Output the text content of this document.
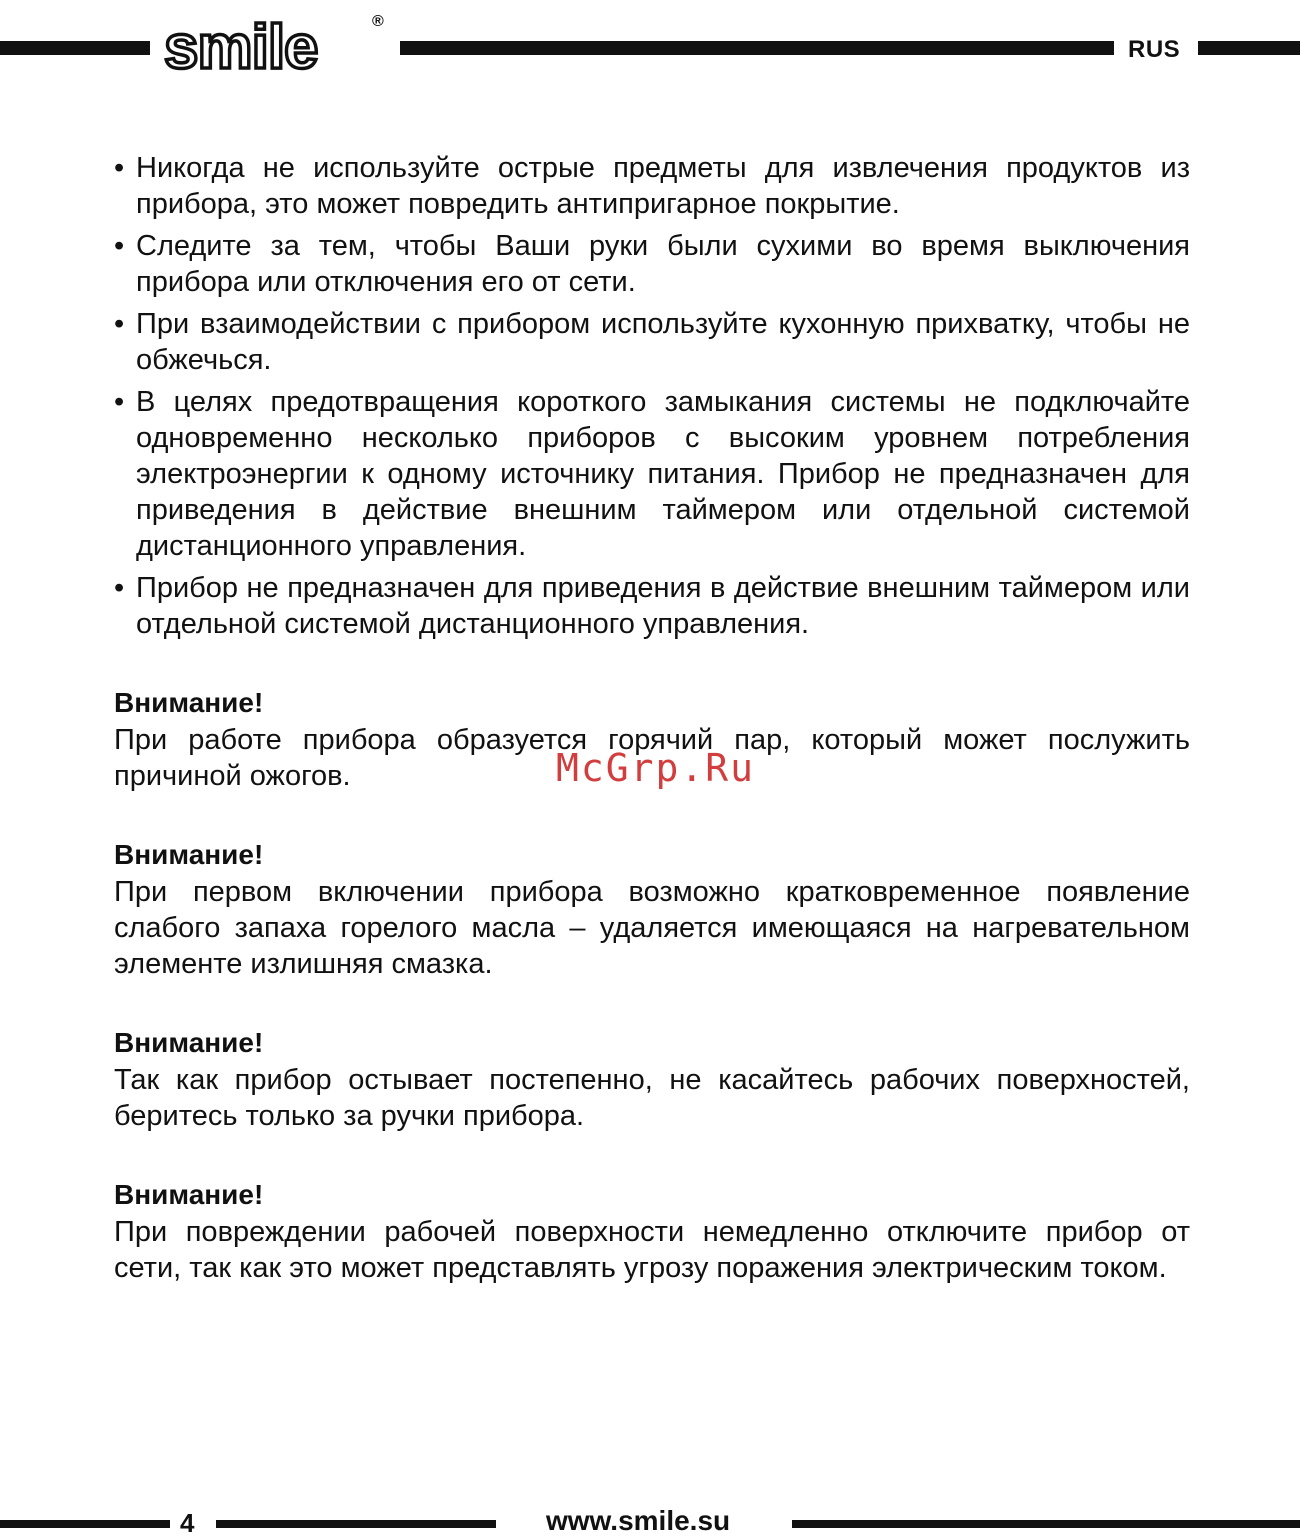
smile	®
RUS
• Никогда не используйте острые предметы для извлечения продуктов из прибора, это может повредить антипригарное покрытие.
• Следите за тем, чтобы Ваши руки были сухими во время выключения прибора или отключения его от сети.
• При взаимодействии с прибором используйте кухонную прихватку, чтобы не обжечься.
• В целях предотвращения короткого замыкания системы не подключайте одновременно несколько приборов с высоким уровнем потребления электроэнергии к одному источнику питания. Прибор не предназначен для приведения в действие внешним таймером или отдельной системой дистанционного управления.
• Прибор не предназначен для приведения в действие внешним таймером или отдельной системой дистанционного управления.
Внимание!

При работе прибора образуется горячий пар, который может послужить причиной ожогов.

Внимание!

При первом включении прибора возможно кратковременное появление слабого запаха горелого масла – удаляется имеющаяся на нагревательном элементе излишняя смазка.

Внимание!

Так как прибор остывает постепенно, не касайтесь рабочих поверхностей, беритесь только за ручки прибора.

Внимание!

При повреждении рабочей поверхности немедленно отключите прибор от сети, так как это может представлять угрозу поражения электрическим током.

McGrp.Ru
4	www.smile.su
